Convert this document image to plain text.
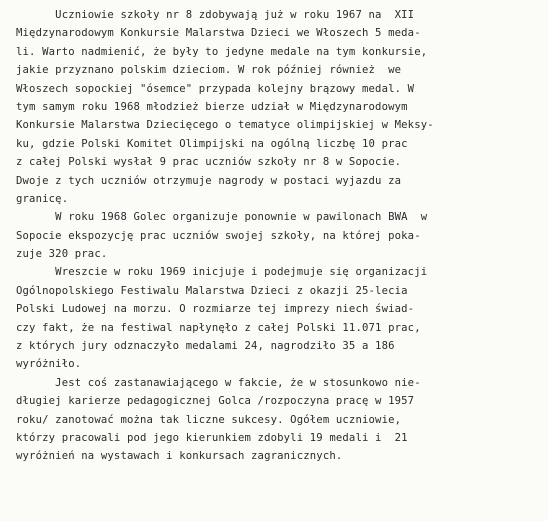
Uczniowie szkoły nr 8 zdobywają już w roku 1967 na  XII
Międzynarodowym Konkursie Malarstwa Dzieci we Włoszech 5 meda-
li. Warto nadmienić, że były to jedyne medale na tym konkursie,
jakie przyznano polskim dzieciom. W rok później również  we
Włoszech sopockiej "ósemce" przypada kolejny brązowy medal. W
tym samym roku 1968 młodzież bierze udział w Międzynarodowym
Konkursie Malarstwa Dziecięcego o tematyce olimpijskiej w Meksy-
ku, gdzie Polski Komitet Olimpijski na ogólną liczbę 10 prac
z całej Polski wysłał 9 prac uczniów szkoły nr 8 w Sopocie.
Dwoje z tych uczniów otrzymuje nagrody w postaci wyjazdu za
granicę.
W roku 1968 Golec organizuje ponownie w pawilonach BWA  w
Sopocie ekspozycję prac uczniów swojej szkoły, na której poka-
zuje 320 prac.
Wreszcie w roku 1969 inicjuje i podejmuje się organizacji
Ogólnopolskiego Festiwalu Malarstwa Dzieci z okazji 25-lecia
Polski Ludowej na morzu. O rozmiarze tej imprezy niech świad-
czy fakt, że na festiwal napłynęło z całej Polski 11.071 prac,
z których jury odznaczyło medalami 24, nagrodziło 35 a 186
wyróżniło.
Jest coś zastanawiającego w fakcie, że w stosunkowo nie-
długiej karierze pedagogicznej Golca /rozpoczyna pracę w 1957
roku/ zanotować można tak liczne sukcesy. Ogółem uczniowie,
którzy pracowali pod jego kierunkiem zdobyli 19 medali i  21
wyróżnień na wystawach i konkursach zagranicznych.
